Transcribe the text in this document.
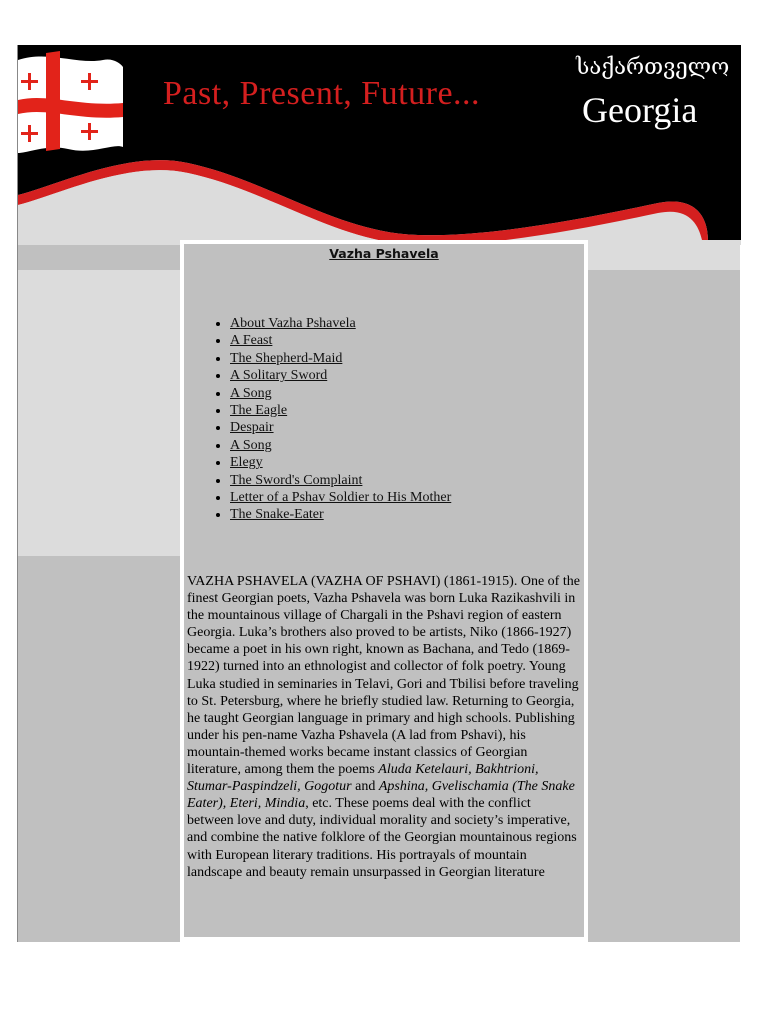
Past, Present, Future...
საქართველო
Georgia
Vazha Pshavela
• About Vazha Pshavela
• A Feast
• The Shepherd-Maid
• A Solitary Sword
• A Song
• The Eagle
• Despair
• A Song
• Elegy
• The Sword's Complaint
• Letter of a Pshav Soldier to His Mother
• The Snake-Eater

VAZHA PSHAVELA (VAZHA OF PSHAVI) (1861-1915). One of the finest Georgian poets, Vazha Pshavela was born Luka Razikashvili in the mountainous village of Chargali in the Pshavi region of eastern Georgia. Luka’s brothers also proved to be artists, Niko (1866-1927) became a poet in his own right, known as Bachana, and Tedo (1869-1922) turned into an ethnologist and collector of folk poetry. Young Luka studied in seminaries in Telavi, Gori and Tbilisi before traveling to St. Petersburg, where he briefly studied law. Returning to Georgia, he taught Georgian language in primary and high schools. Publishing under his pen-name Vazha Pshavela (A lad from Pshavi), his mountain-themed works became instant classics of Georgian literature, among them the poems Aluda Ketelauri, Bakhtrioni, Stumar-Paspindzeli, Gogotur and Apshina, Gvelischamia (The Snake Eater), Eteri, Mindia, etc. These poems deal with the conflict between love and duty, individual morality and society’s imperative, and combine the native folklore of the Georgian mountainous regions with European literary traditions. His portrayals of mountain landscape and beauty remain unsurpassed in Georgian literature
